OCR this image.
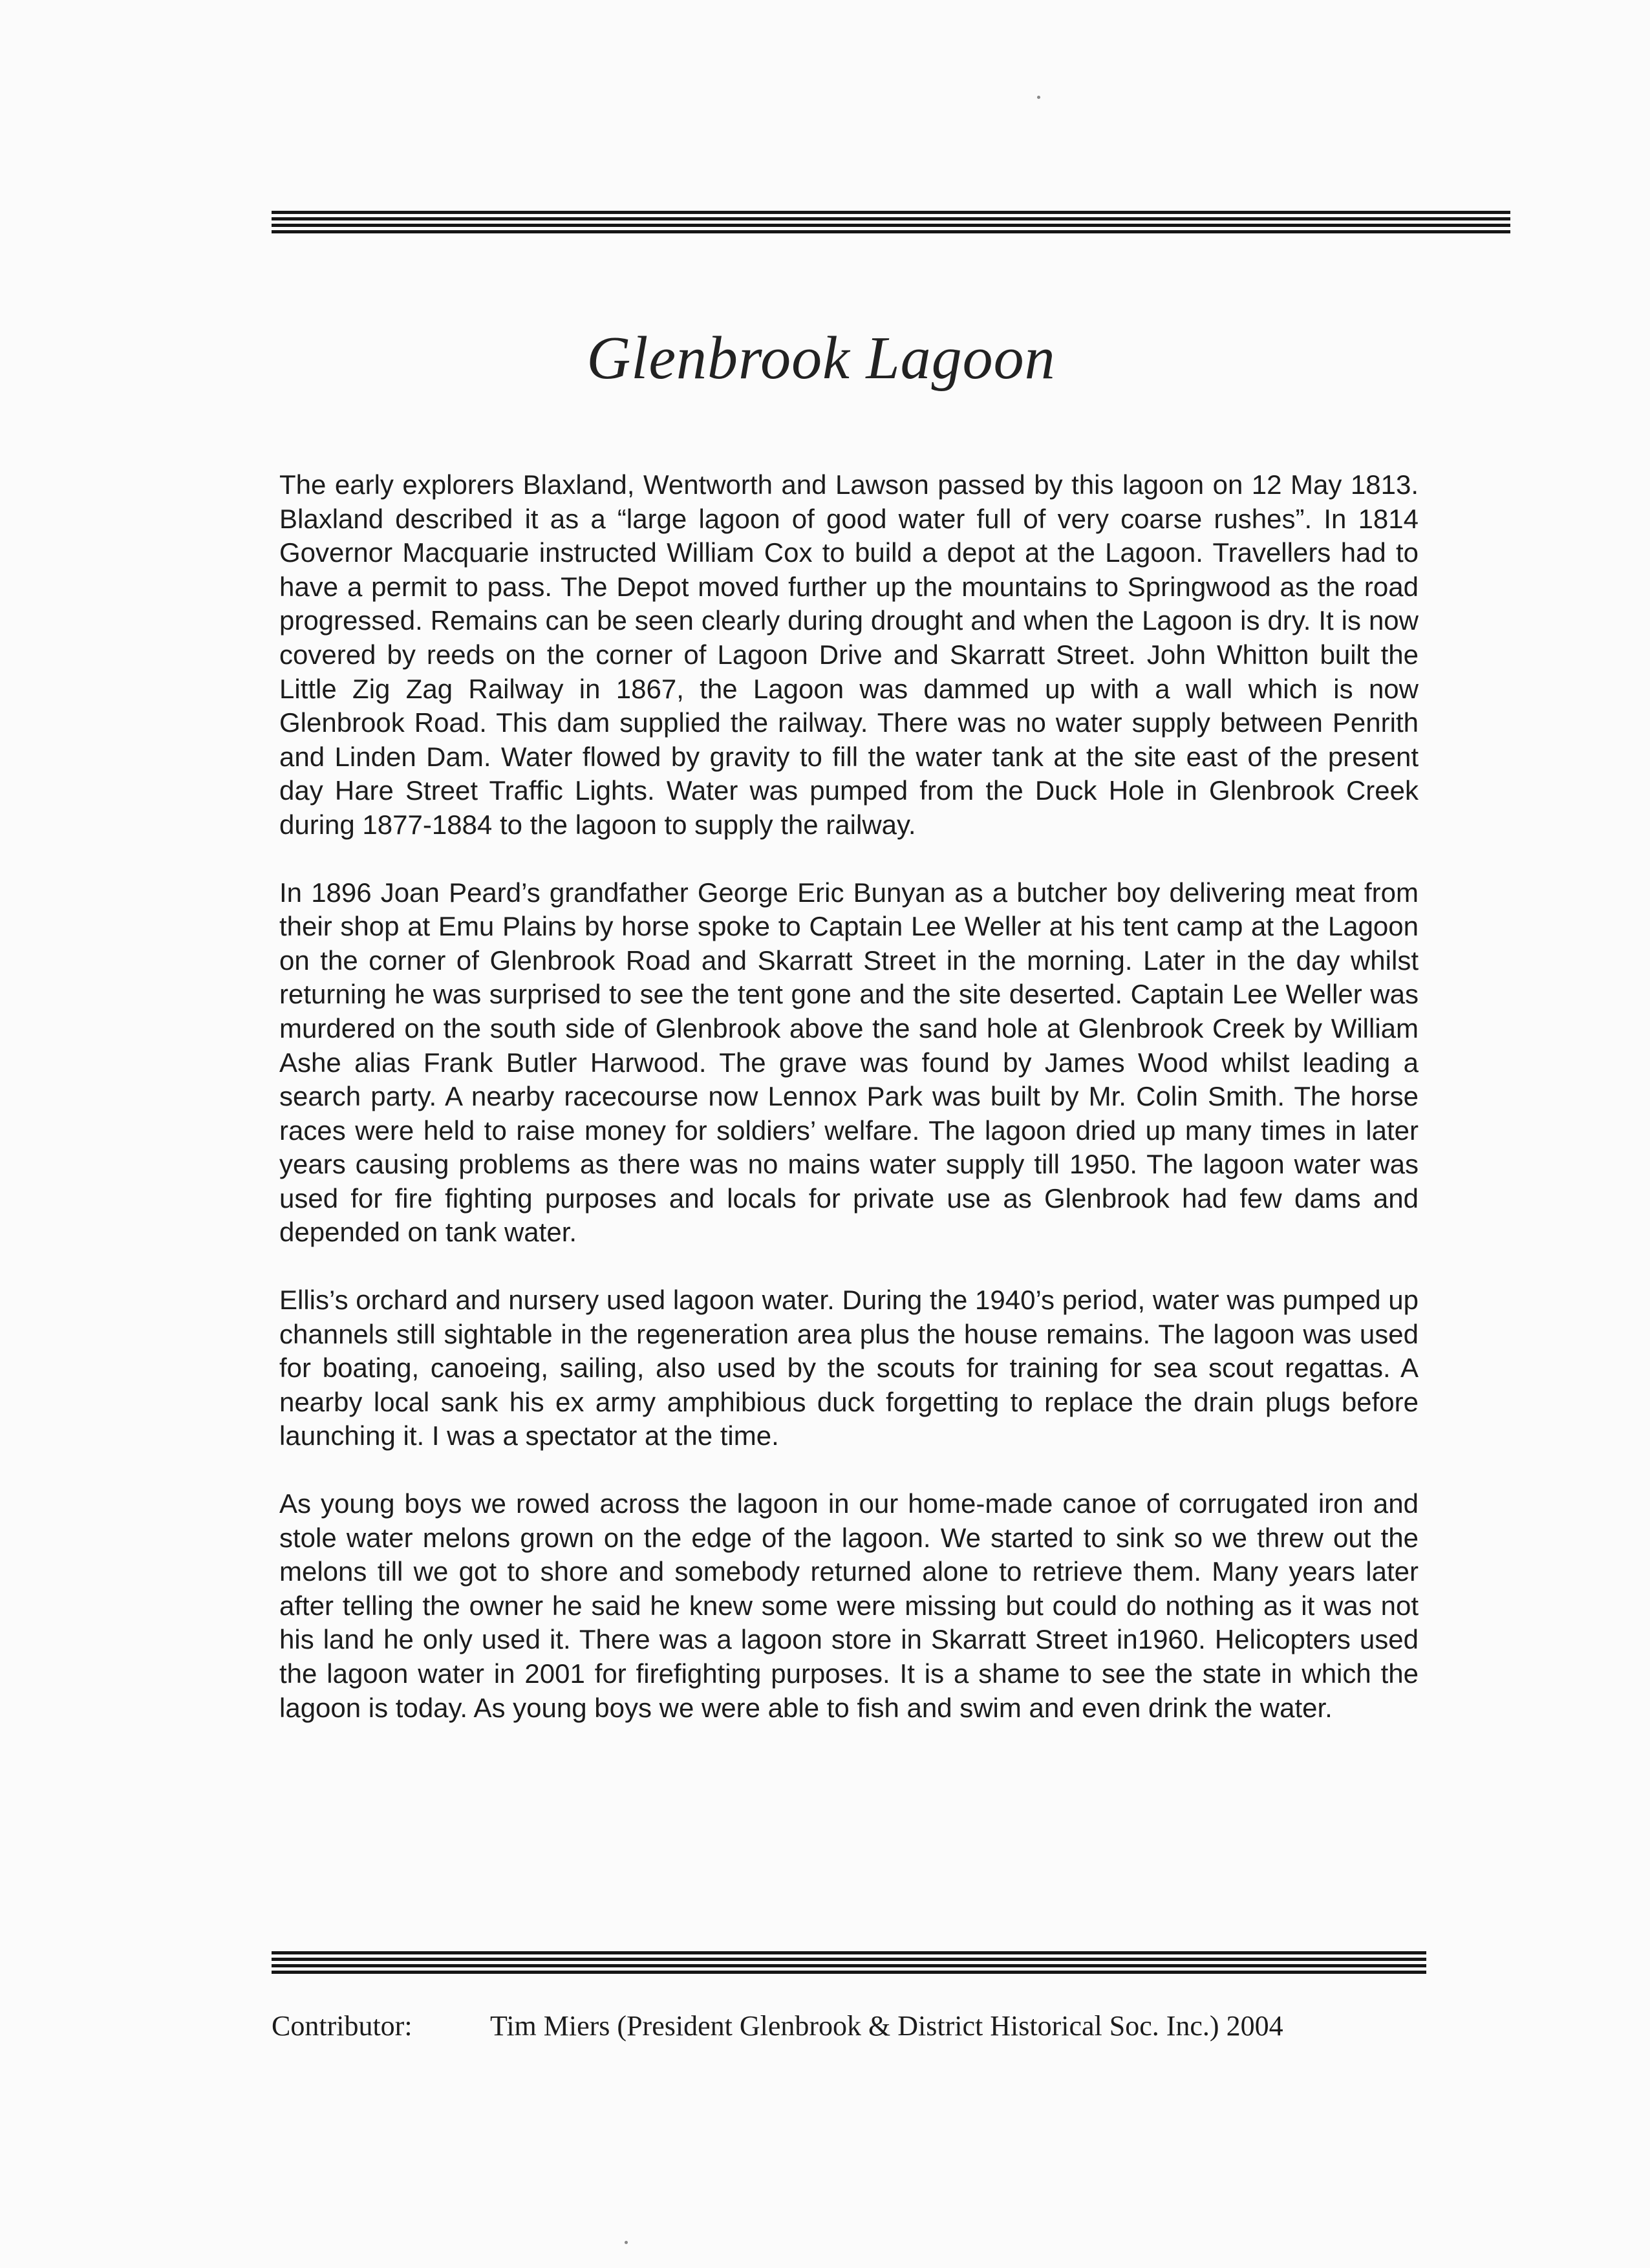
Glenbrook Lagoon

The early explorers Blaxland, Wentworth and Lawson passed by this lagoon on 12 May 1813. Blaxland described it as a “large lagoon of good water full of very coarse rushes”. In 1814 Governor Macquarie instructed William Cox to build a depot at the Lagoon. Travellers had to have a permit to pass. The Depot moved further up the mountains to Springwood as the road progressed. Remains can be seen clearly during drought and when the Lagoon is dry. It is now covered by reeds on the corner of Lagoon Drive and Skarratt Street. John Whitton built the Little Zig Zag Railway in 1867, the Lagoon was dammed up with a wall which is now Glenbrook Road. This dam supplied the railway. There was no water supply between Penrith and Linden Dam. Water flowed by gravity to fill the water tank at the site east of the present day Hare Street Traffic Lights. Water was pumped from the Duck Hole in Glenbrook Creek during 1877-1884 to the lagoon to supply the railway.

In 1896 Joan Peard’s grandfather George Eric Bunyan as a butcher boy delivering meat from their shop at Emu Plains by horse spoke to Captain Lee Weller at his tent camp at the Lagoon on the corner of Glenbrook Road and Skarratt Street in the morning. Later in the day whilst returning he was surprised to see the tent gone and the site deserted. Captain Lee Weller was murdered on the south side of Glenbrook above the sand hole at Glenbrook Creek by William Ashe alias Frank Butler Harwood. The grave was found by James Wood whilst leading a search party. A nearby racecourse now Lennox Park was built by Mr. Colin Smith. The horse races were held to raise money for soldiers’ welfare. The lagoon dried up many times in later years causing problems as there was no mains water supply till 1950. The lagoon water was used for fire fighting purposes and locals for private use as Glenbrook had few dams and depended on tank water.

Ellis’s orchard and nursery used lagoon water. During the 1940’s period, water was pumped up channels still sightable in the regeneration area plus the house remains. The lagoon was used for boating, canoeing, sailing, also used by the scouts for training for sea scout regattas. A nearby local sank his ex army amphibious duck forgetting to replace the drain plugs before launching it. I was a spectator at the time.

As young boys we rowed across the lagoon in our home-made canoe of corrugated iron and stole water melons grown on the edge of the lagoon. We started to sink so we threw out the melons till we got to shore and somebody returned alone to retrieve them. Many years later after telling the owner he said he knew some were missing but could do nothing as it was not his land he only used it. There was a lagoon store in Skarratt Street in1960. Helicopters used the lagoon water in 2001 for firefighting purposes. It is a shame to see the state in which the lagoon is today. As young boys we were able to fish and swim and even drink the water.

Contributor:	Tim Miers (President Glenbrook & District Historical Soc. Inc.) 2004
